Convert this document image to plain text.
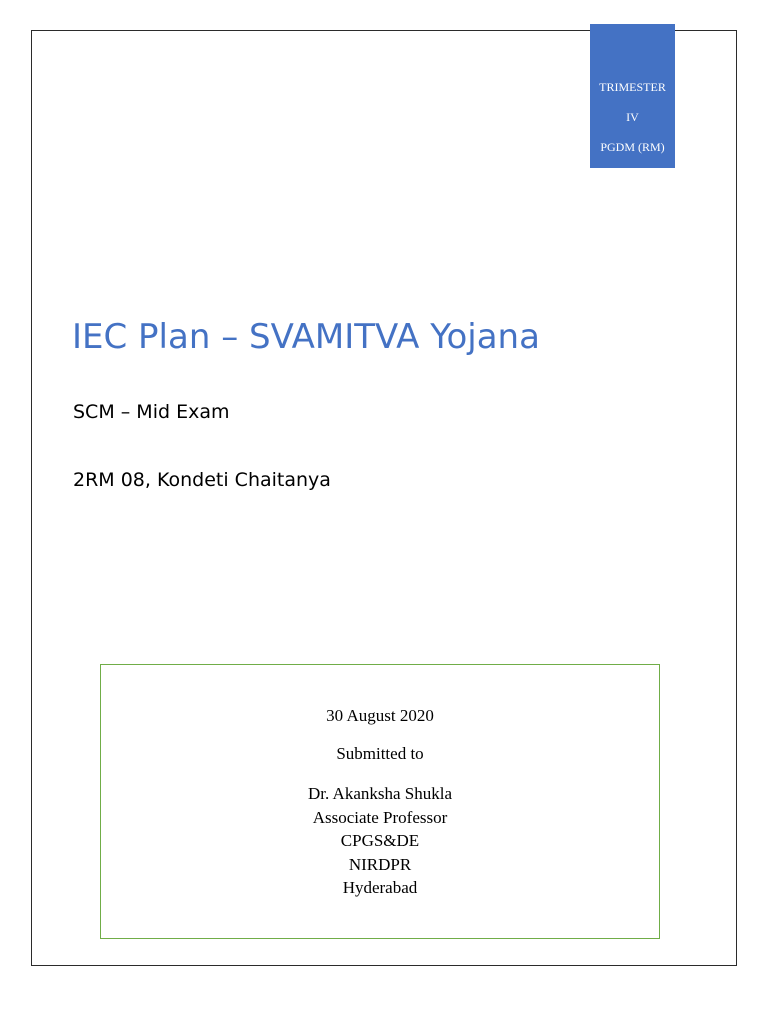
TRIMESTER
IV
PGDM (RM)
IEC Plan – SVAMITVA Yojana
SCM – Mid Exam
2RM 08, Kondeti Chaitanya
30 August 2020
Submitted to
Dr. Akanksha Shukla
Associate Professor
CPGS&DE
NIRDPR
Hyderabad
